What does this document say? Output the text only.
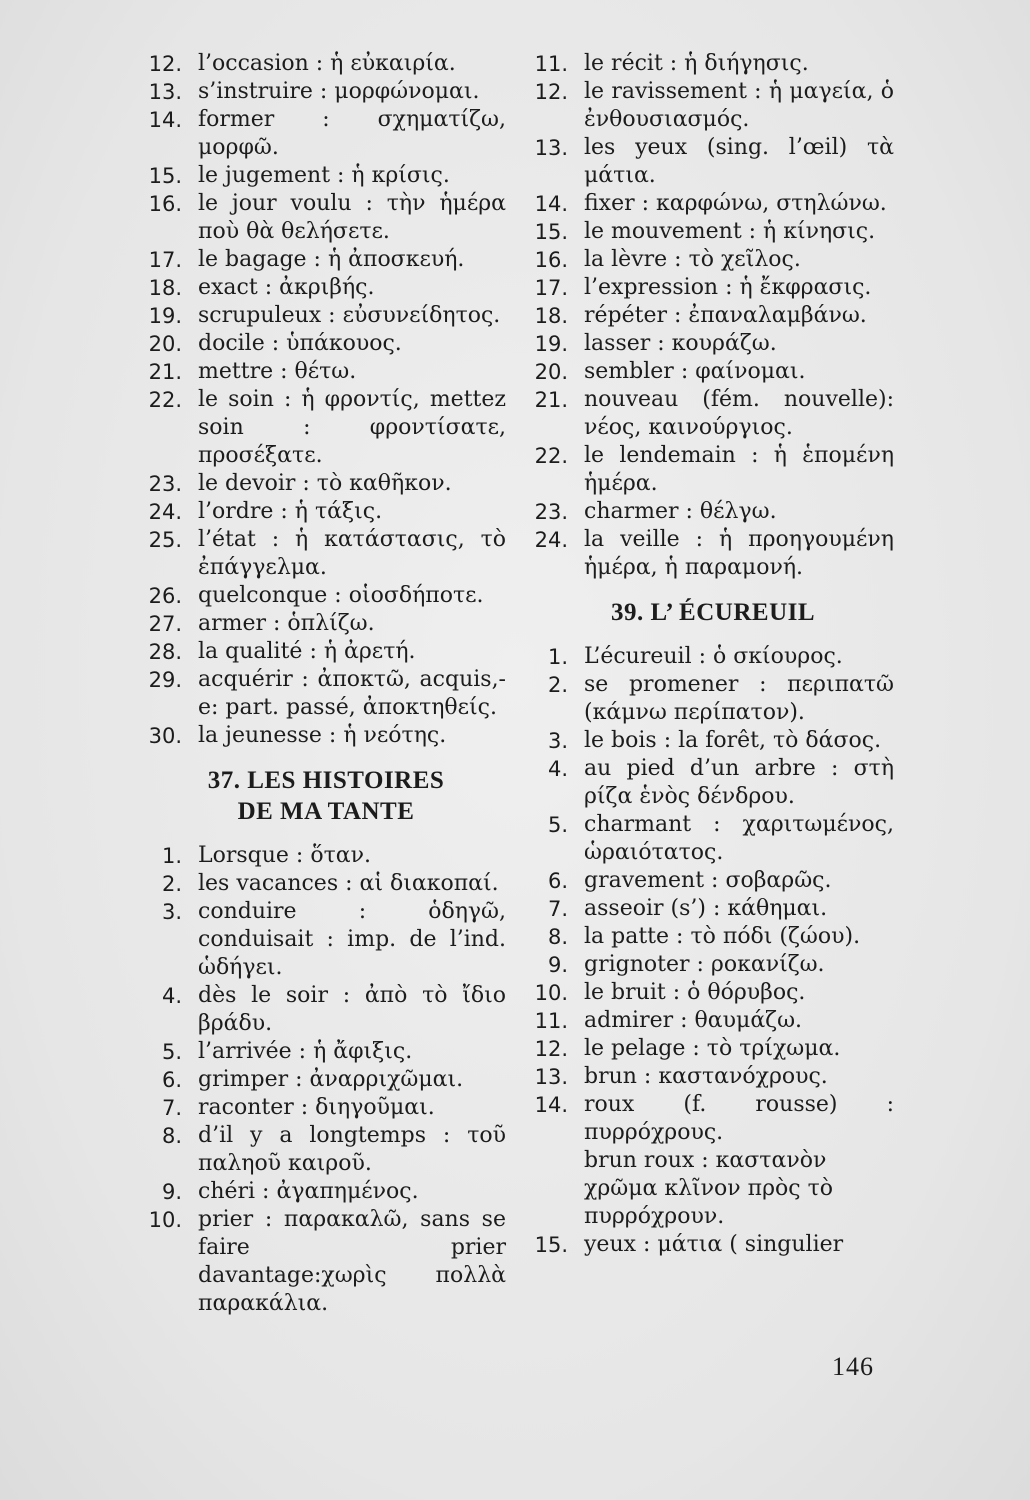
12. l’occasion : ἡ εὐκαιρία.
13. s’instruire : μορφώνομαι.
14. former : σχηματίζω, μορφῶ.
15. le jugement : ἡ κρίσις.
16. le jour voulu : τὴν ἡμέρα ποὺ θὰ θελήσετε.
17. le bagage : ἡ ἀποσκευή.
18. exact : ἀκριβής.
19. scrupuleux : εὐσυνείδητος.
20. docile : ὑπάκουος.
21. mettre : θέτω.
22. le soin : ἡ φροντίς, mettez soin : φροντίσατε, προσέξατε.
23. le devoir : τὸ καθῆκον.
24. l’ordre : ἡ τάξις.
25. l’état : ἡ κατάστασις, τὸ ἐπάγγελμα.
26. quelconque : οἱοσδήποτε.
27. armer : ὁπλίζω.
28. la qualité : ἡ ἀρετή.
29. acquérir : ἀποκτῶ, acquis,-e: part. passé, ἀποκτηθείς.
30. la jeunesse : ἡ νεότης.
37. LES HISTOIRES
DE MA TANTE
1. Lorsque : ὅταν.
2. les vacances : αἱ διακοπαί.
3. conduire : ὁδηγῶ, conduisait : imp. de l’ind. ὡδήγει.
4. dès le soir : ἀπὸ τὸ ἴδιο βράδυ.
5. l’arrivée : ἡ ἄφιξις.
6. grimper : ἀναρριχῶμαι.
7. raconter : διηγοῦμαι.
8. d’il y a longtemps : τοῦ παληοῦ καιροῦ.
9. chéri : ἀγαπημένος.
10. prier : παρακαλῶ, sans se faire prier davantage:χωρὶς πολλὰ παρακάλια.
11. le récit : ἡ διήγησις.
12. le ravissement : ἡ μαγεία, ὁ ἐνθουσιασμός.
13. les yeux (sing. l’œil) τὰ μάτια.
14. fixer : καρφώνω, στηλώνω.
15. le mouvement : ἡ κίνησις.
16. la lèvre : τὸ χεῖλος.
17. l’expression : ἡ ἔκφρασις.
18. répéter : ἐπαναλαμβάνω.
19. lasser : κουράζω.
20. sembler : φαίνομαι.
21. nouveau (fém. nouvelle): νέος, καινούργιος.
22. le lendemain : ἡ ἑπομένη ἡμέρα.
23. charmer : θέλγω.
24. la veille : ἡ προηγουμένη ἡμέρα, ἡ παραμονή.
39. L’ ÉCUREUIL
1. L’écureuil : ὁ σκίουρος.
2. se promener : περιπατῶ (κάμνω περίπατον).
3. le bois : la forêt, τὸ δάσος.
4. au pied d’un arbre : στὴ ρίζα ἑνὸς δένδρου.
5. charmant : χαριτωμένος, ὡραιότατος.
6. gravement : σοβαρῶς.
7. asseoir (s’) : κάθημαι.
8. la patte : τὸ πόδι (ζώου).
9. grignoter : ροκανίζω.
10. le bruit : ὁ θόρυβος.
11. admirer : θαυμάζω.
12. le pelage : τὸ τρίχωμα.
13. brun : καστανόχρους.
14. roux (f. rousse) : πυρρόχρους.
brun roux : καστανὸν χρῶμα κλῖνον πρὸς τὸ πυρρόχρουν.
15. yeux : μάτια ( singulier
146
